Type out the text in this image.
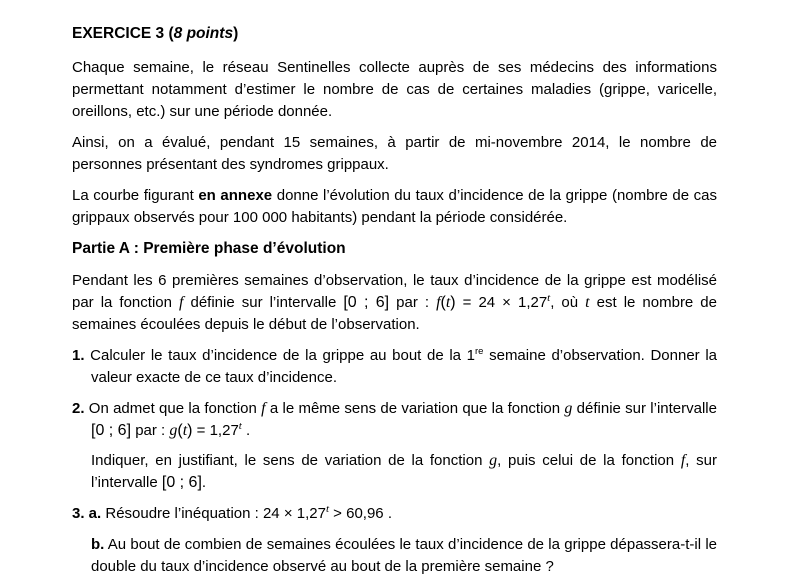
EXERCICE 3 (8 points)

Chaque semaine, le réseau Sentinelles collecte auprès de ses médecins des informations permettant notamment d’estimer le nombre de cas de certaines maladies (grippe, varicelle, oreillons, etc.) sur une période donnée.

Ainsi, on a évalué, pendant 15 semaines, à partir de mi-novembre 2014, le nombre de personnes présentant des syndromes grippaux.

La courbe figurant en annexe donne l’évolution du taux d’incidence de la grippe (nombre de cas grippaux observés pour 100 000 habitants) pendant la période considérée.

Partie A : Première phase d’évolution

Pendant les 6 premières semaines d’observation, le taux d’incidence de la grippe est modélisé par la fonction f définie sur l’intervalle [0 ; 6] par : $f(t) = 24 \times 1,27^t$, où t est le nombre de semaines écoulées depuis le début de l’observation.

1. Calculer le taux d’incidence de la grippe au bout de la 1re semaine d’observation. Donner la valeur exacte de ce taux d’incidence.

2. On admet que la fonction f a le même sens de variation que la fonction g définie sur l’intervalle [0 ; 6] par : $g(t) = 1,27^t$ .

Indiquer, en justifiant, le sens de variation de la fonction g, puis celui de la fonction f, sur l’intervalle [0 ; 6].

3. a. Résoudre l’inéquation : $24 \times 1,27^t > 60,96$ .

b. Au bout de combien de semaines écoulées le taux d’incidence de la grippe dépassera-t-il le double du taux d’incidence observé au bout de la première semaine ?
